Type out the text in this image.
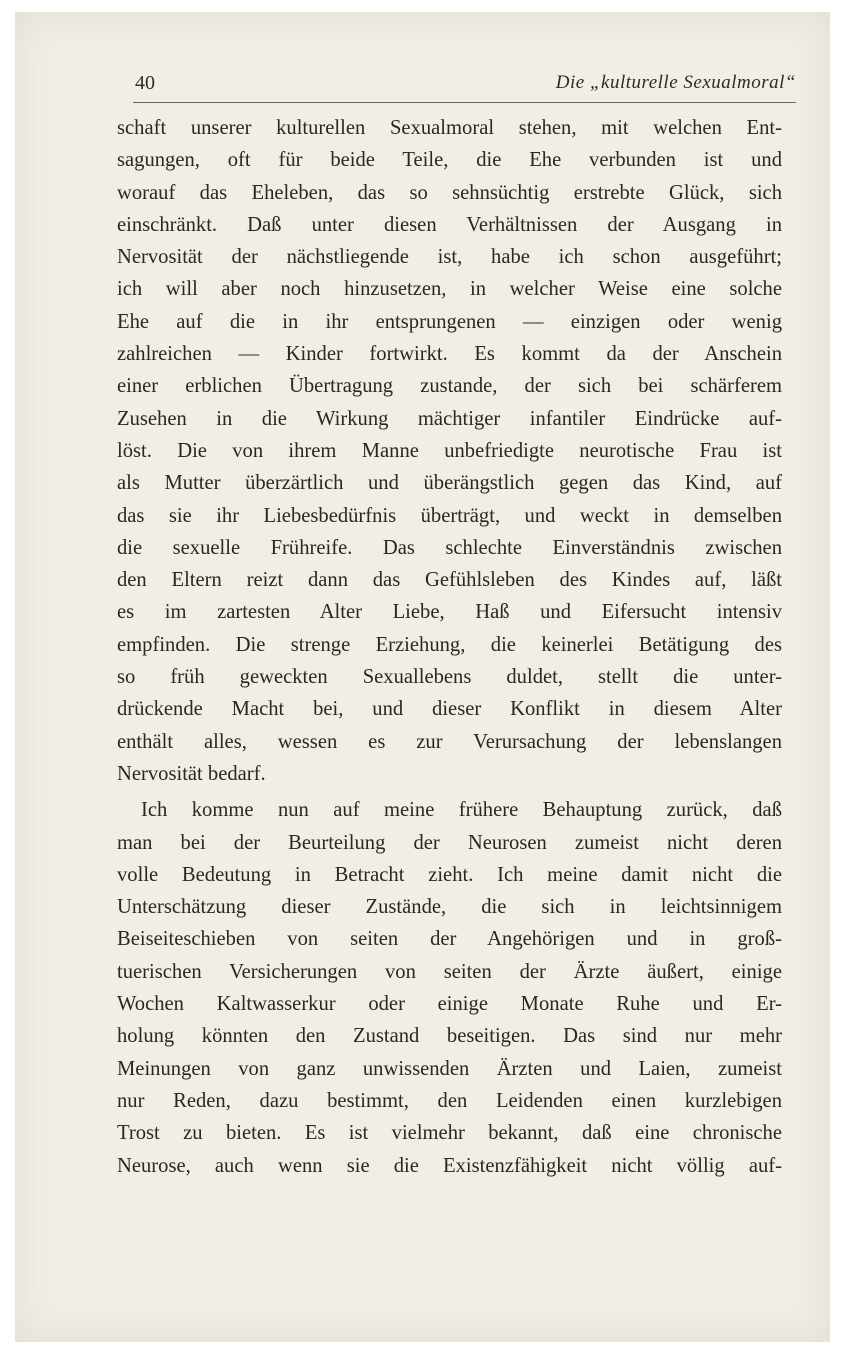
40	Die „kulturelle Sexualmoral“
schaft unserer kulturellen Sexualmoral stehen, mit welchen Ent-
sagungen, oft für beide Teile, die Ehe verbunden ist und
worauf das Eheleben, das so sehnsüchtig erstrebte Glück, sich
einschränkt. Daß unter diesen Verhältnissen der Ausgang in
Nervosität der nächstliegende ist, habe ich schon ausgeführt;
ich will aber noch hinzusetzen, in welcher Weise eine solche
Ehe auf die in ihr entsprungenen — einzigen oder wenig
zahlreichen — Kinder fortwirkt. Es kommt da der Anschein
einer erblichen Übertragung zustande, der sich bei schärferem
Zusehen in die Wirkung mächtiger infantiler Eindrücke auf-
löst. Die von ihrem Manne unbefriedigte neurotische Frau ist
als Mutter überzärtlich und überängstlich gegen das Kind, auf
das sie ihr Liebesbedürfnis überträgt, und weckt in demselben
die sexuelle Frühreife. Das schlechte Einverständnis zwischen
den Eltern reizt dann das Gefühlsleben des Kindes auf, läßt
es im zartesten Alter Liebe, Haß und Eifersucht intensiv
empfinden. Die strenge Erziehung, die keinerlei Betätigung des
so früh geweckten Sexuallebens duldet, stellt die unter-
drückende Macht bei, und dieser Konflikt in diesem Alter
enthält alles, wessen es zur Verursachung der lebenslangen
Nervosität bedarf.
Ich komme nun auf meine frühere Behauptung zurück, daß
man bei der Beurteilung der Neurosen zumeist nicht deren
volle Bedeutung in Betracht zieht. Ich meine damit nicht die
Unterschätzung dieser Zustände, die sich in leichtsinnigem
Beiseiteschieben von seiten der Angehörigen und in groß-
tuerischen Versicherungen von seiten der Ärzte äußert, einige
Wochen Kaltwasserkur oder einige Monate Ruhe und Er-
holung könnten den Zustand beseitigen. Das sind nur mehr
Meinungen von ganz unwissenden Ärzten und Laien, zumeist
nur Reden, dazu bestimmt, den Leidenden einen kurzlebigen
Trost zu bieten. Es ist vielmehr bekannt, daß eine chronische
Neurose, auch wenn sie die Existenzfähigkeit nicht völlig auf-
